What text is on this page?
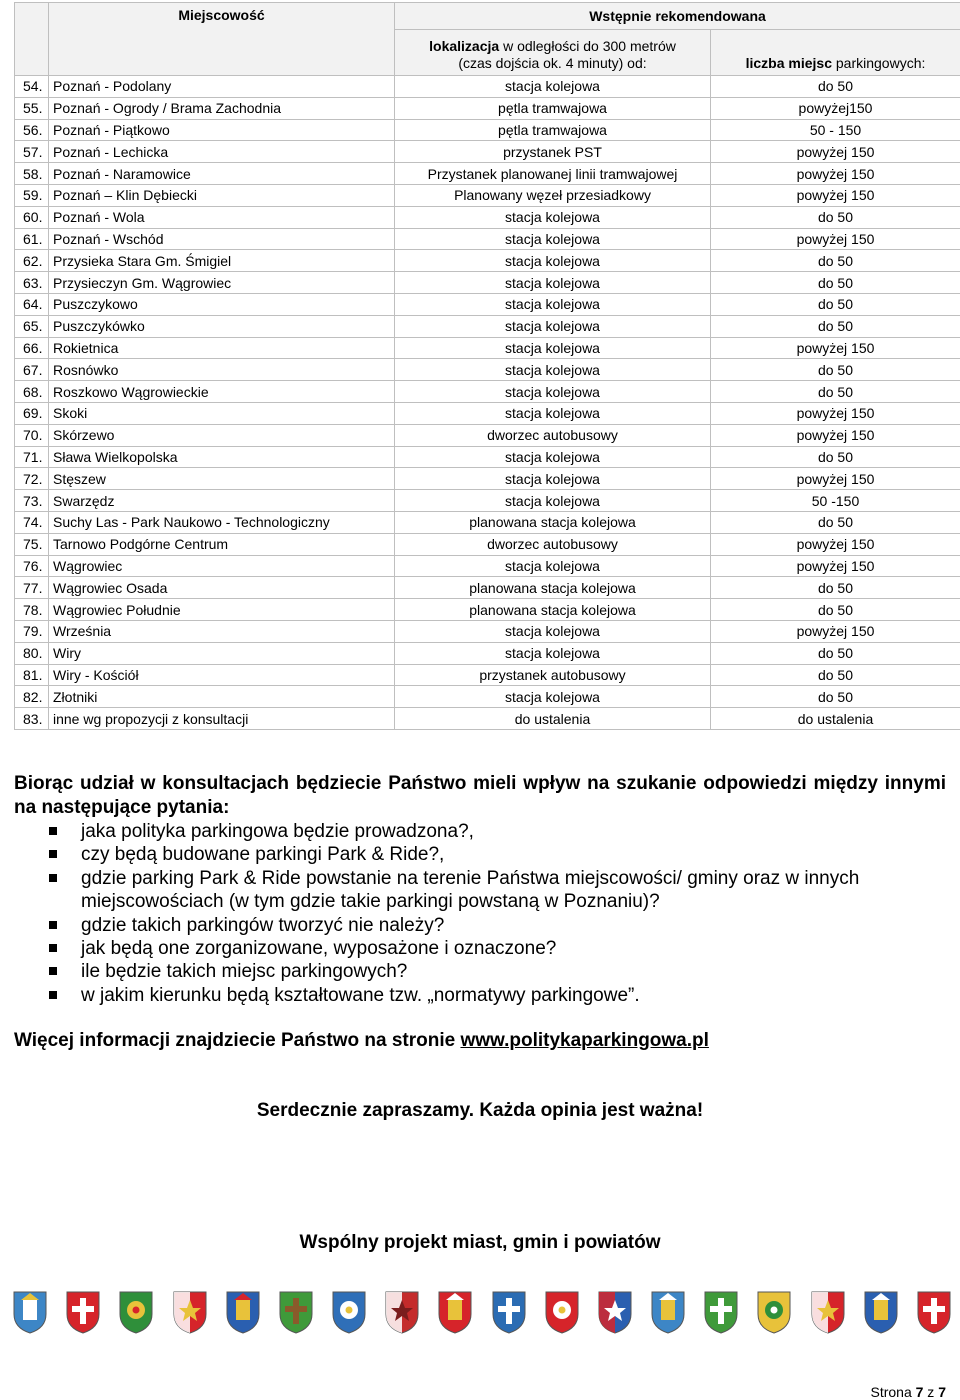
	Miejscowość	Wstępnie rekomendowana	
		lokalizacja w odległości do 300 metrów
(czas dojścia ok. 4 minuty) od:	liczba miejsc parkingowych:
54.	Poznań - Podolany	stacja kolejowa	do 50
55.	Poznań - Ogrody / Brama Zachodnia	pętla tramwajowa	powyżej150
56.	Poznań - Piątkowo	pętla tramwajowa	50 - 150
57.	Poznań - Lechicka	przystanek PST	powyżej 150
58.	Poznań - Naramowice	Przystanek planowanej linii tramwajowej	powyżej 150
59.	Poznań – Klin Dębiecki	Planowany węzeł przesiadkowy	powyżej 150
60.	Poznań - Wola	stacja kolejowa	do 50
61.	Poznań - Wschód	stacja kolejowa	powyżej 150
62.	Przysieka Stara Gm. Śmigiel	stacja kolejowa	do 50
63.	Przysieczyn Gm. Wągrowiec	stacja kolejowa	do 50
64.	Puszczykowo	stacja kolejowa	do 50
65.	Puszczykówko	stacja kolejowa	do 50
66.	Rokietnica	stacja kolejowa	powyżej 150
67.	Rosnówko	stacja kolejowa	do 50
68.	Roszkowo Wągrowieckie	stacja kolejowa	do 50
69.	Skoki	stacja kolejowa	powyżej 150
70.	Skórzewo	dworzec autobusowy	powyżej 150
71.	Sława Wielkopolska	stacja kolejowa	do 50
72.	Stęszew	stacja kolejowa	powyżej 150
73.	Swarzędz	stacja kolejowa	50 -150
74.	Suchy Las - Park Naukowo - Technologiczny	planowana stacja kolejowa	do 50
75.	Tarnowo Podgórne Centrum	dworzec autobusowy	powyżej 150
76.	Wągrowiec	stacja kolejowa	powyżej 150
77.	Wągrowiec Osada	planowana stacja kolejowa	do 50
78.	Wągrowiec Południe	planowana stacja kolejowa	do 50
79.	Września	stacja kolejowa	powyżej 150
80.	Wiry	stacja kolejowa	do 50
81.	Wiry - Kościół	przystanek autobusowy	do 50
82.	Złotniki	stacja kolejowa	do 50
83.	inne wg propozycji z konsultacji	do ustalenia	do ustalenia
Biorąc udział w konsultacjach będziecie Państwo mieli wpływ na szukanie odpowiedzi między innymi na następujące pytania:
jaka polityka parkingowa będzie prowadzona?,
czy będą budowane parkingi Park & Ride?,
gdzie parking Park & Ride powstanie na terenie Państwa miejscowości/ gminy oraz w innych miejscowościach (w tym gdzie takie parkingi powstaną w Poznaniu)?
gdzie takich parkingów tworzyć nie należy?
jak będą one zorganizowane, wyposażone i oznaczone?
ile będzie takich miejsc parkingowych?
w jakim kierunku będą kształtowane tzw. „normatywy parkingowe”.
Więcej informacji znajdziecie Państwo na stronie www.politykaparkingowa.pl
Serdecznie zapraszamy. Każda opinia jest ważna!
Wspólny projekt miast, gmin i powiatów
Strona 7 z 7
